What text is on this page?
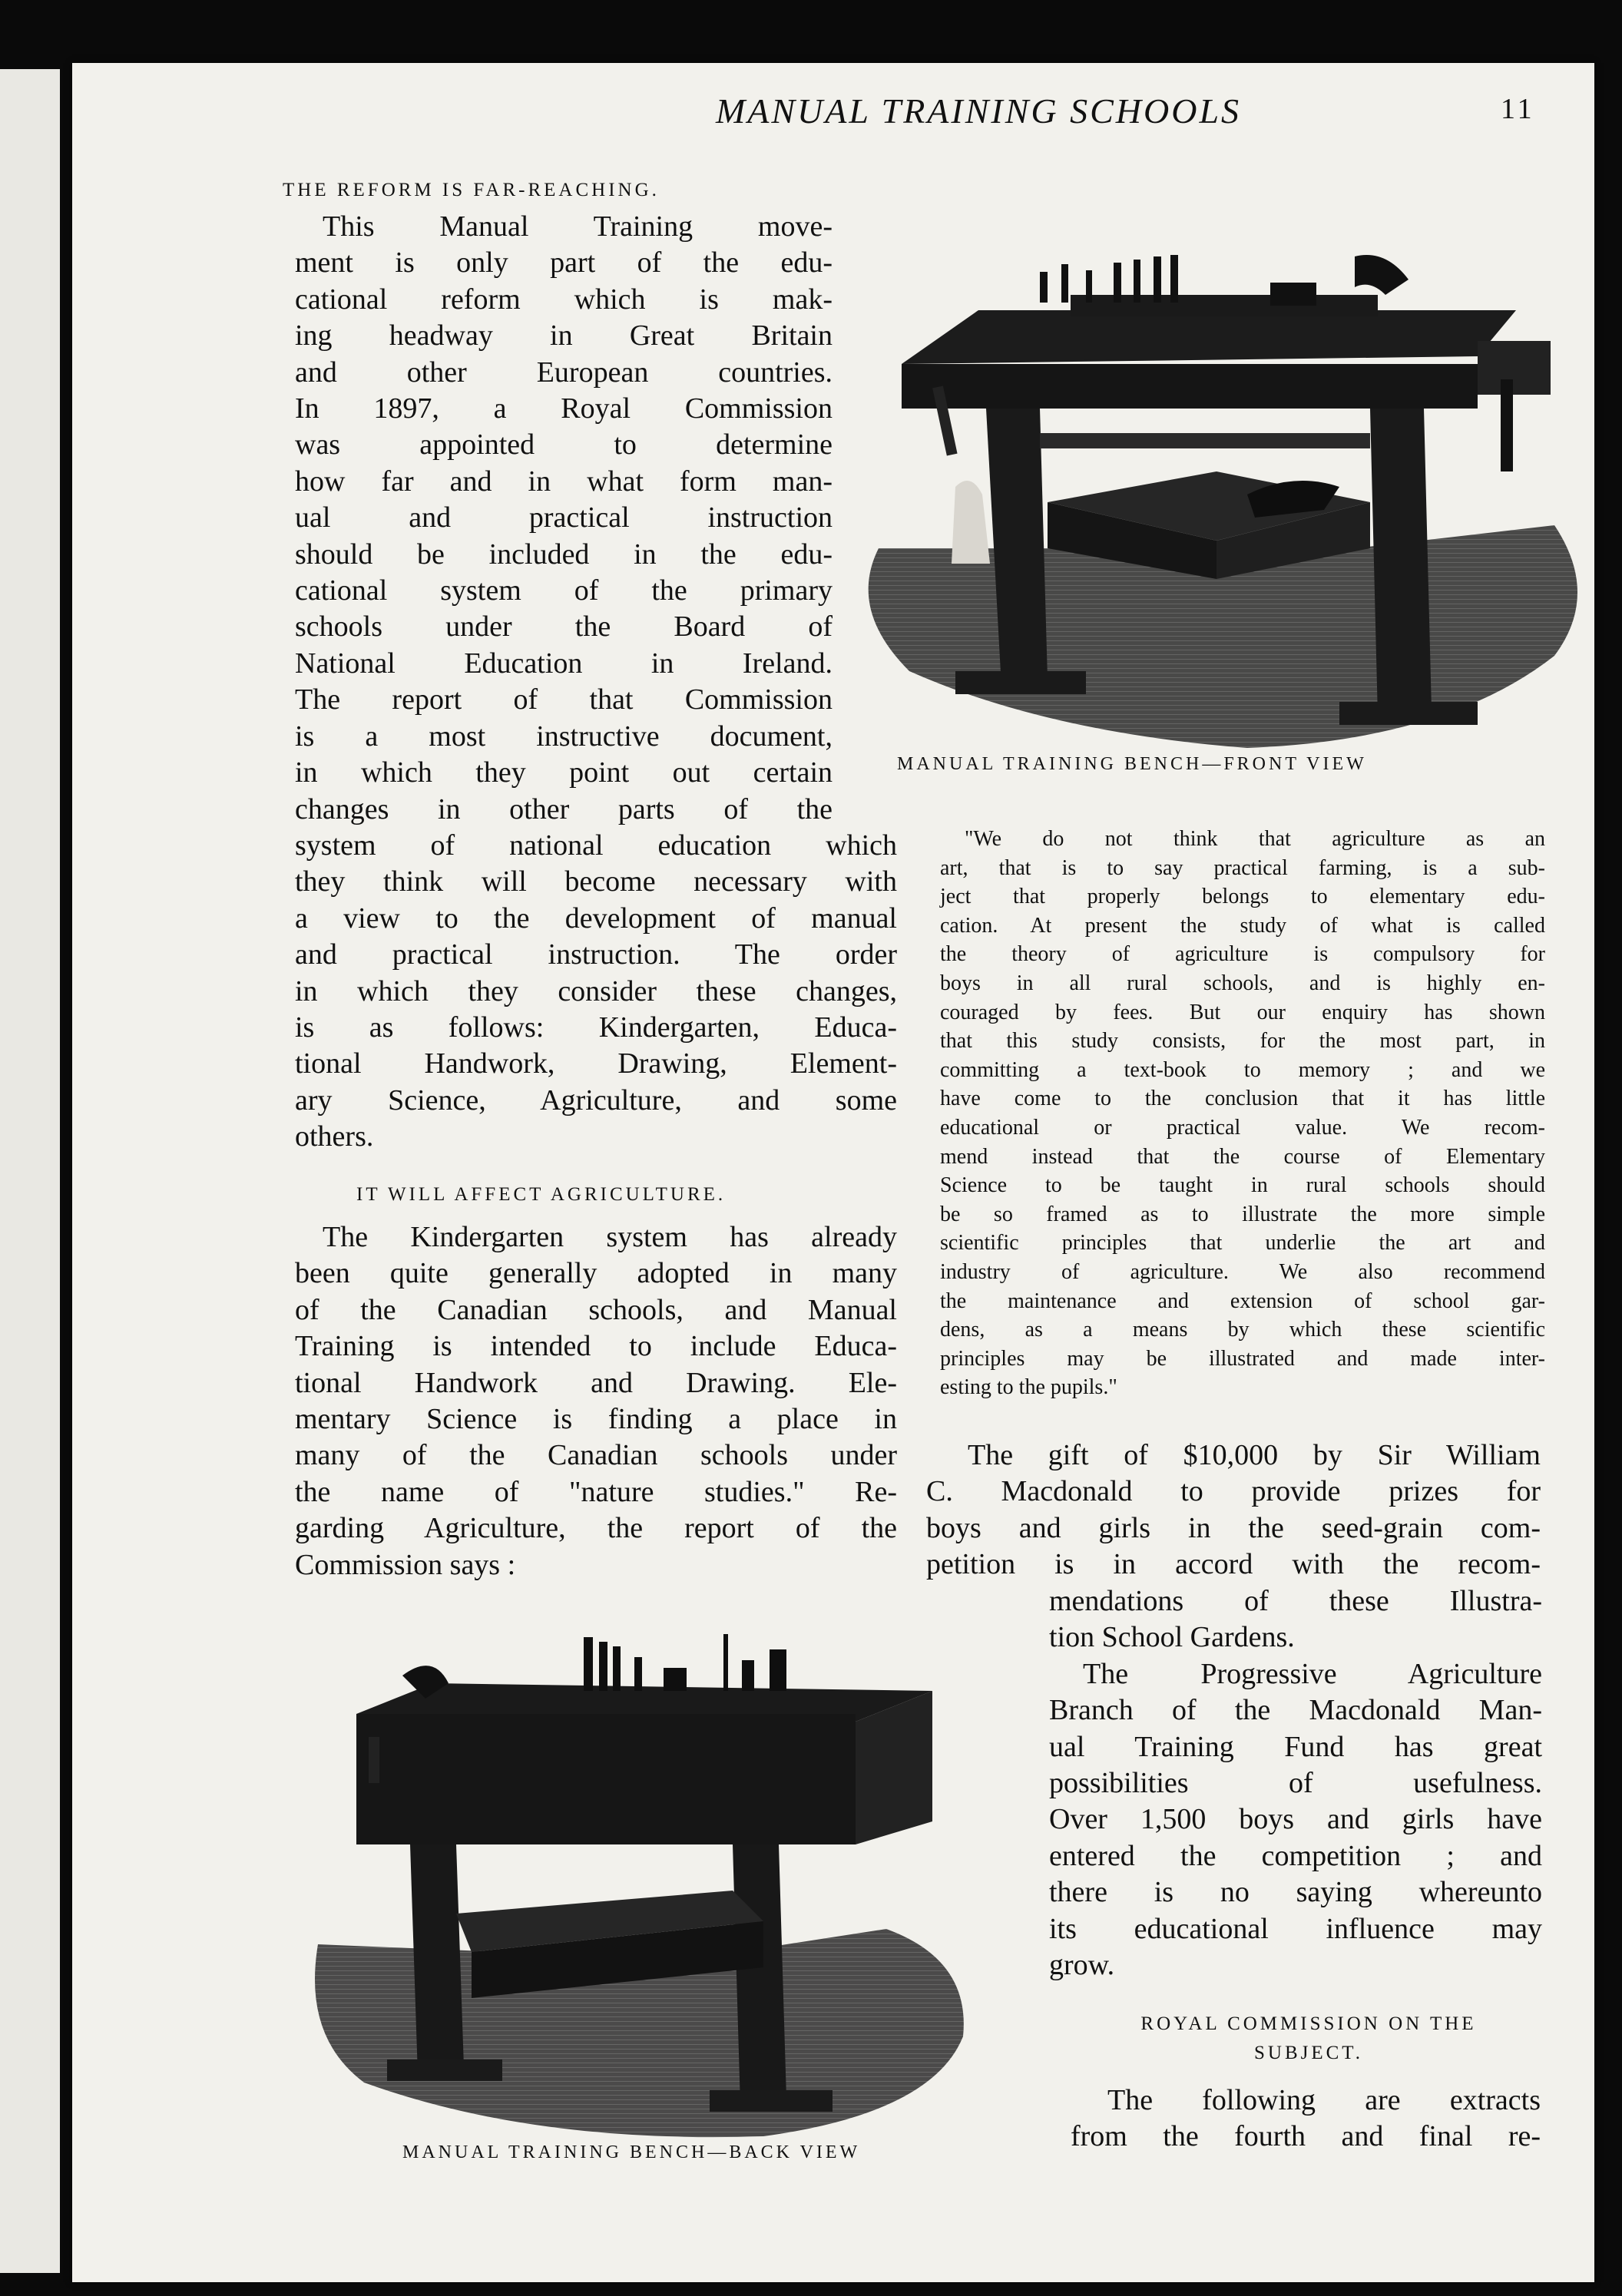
MANUAL TRAINING SCHOOLS	11
THE REFORM IS FAR-REACHING.
This Manual Training move-
ment is only part of the edu-
cational reform which is mak-
ing headway in Great Britain
and other European countries.
In 1897, a Royal Commission
was appointed to determine
how far and in what form man-
ual and practical instruction
should be included in the edu-
cational system of the primary
schools under the Board of
National Education in Ireland.
The report of that Commission
is a most instructive document,
in which they point out certain
changes in other parts of the
system of national education which
they think will become necessary with
a view to the development of manual
and practical instruction. The order
in which they consider these changes,
is as follows: Kindergarten, Educa-
tional Handwork, Drawing, Element-
ary Science, Agriculture, and some
others.
IT WILL AFFECT AGRICULTURE.
The Kindergarten system has already
been quite generally adopted in many
of the Canadian schools, and Manual
Training is intended to include Educa-
tional Handwork and Drawing. Ele-
mentary Science is finding a place in
many of the Canadian schools under
the name of "nature studies." Re-
garding Agriculture, the report of the
Commission says :
MANUAL TRAINING BENCH—FRONT VIEW
"We do not think that agriculture as an
art, that is to say practical farming, is a sub-
ject that properly belongs to elementary edu-
cation. At present the study of what is called
the theory of agriculture is compulsory for
boys in all rural schools, and is highly en-
couraged by fees. But our enquiry has shown
that this study consists, for the most part, in
committing a text-book to memory ; and we
have come to the conclusion that it has little
educational or practical value. We recom-
mend instead that the course of Elementary
Science to be taught in rural schools should
be so framed as to illustrate the more simple
scientific principles that underlie the art and
industry of agriculture. We also recommend
the maintenance and extension of school gar-
dens, as a means by which these scientific
principles may be illustrated and made inter-
esting to the pupils."
The gift of $10,000 by Sir William
C. Macdonald to provide prizes for
boys and girls in the seed-grain com-
petition is in accord with the recom-
mendations of these Illustra-
tion School Gardens.
The Progressive Agriculture
Branch of the Macdonald Man-
ual Training Fund has great
possibilities of usefulness.
Over 1,500 boys and girls have
entered the competition ; and
there is no saying whereunto
its educational influence may
grow.
ROYAL COMMISSION ON THE
SUBJECT.
The following are extracts
from the fourth and final re-
MANUAL TRAINING BENCH—BACK VIEW
